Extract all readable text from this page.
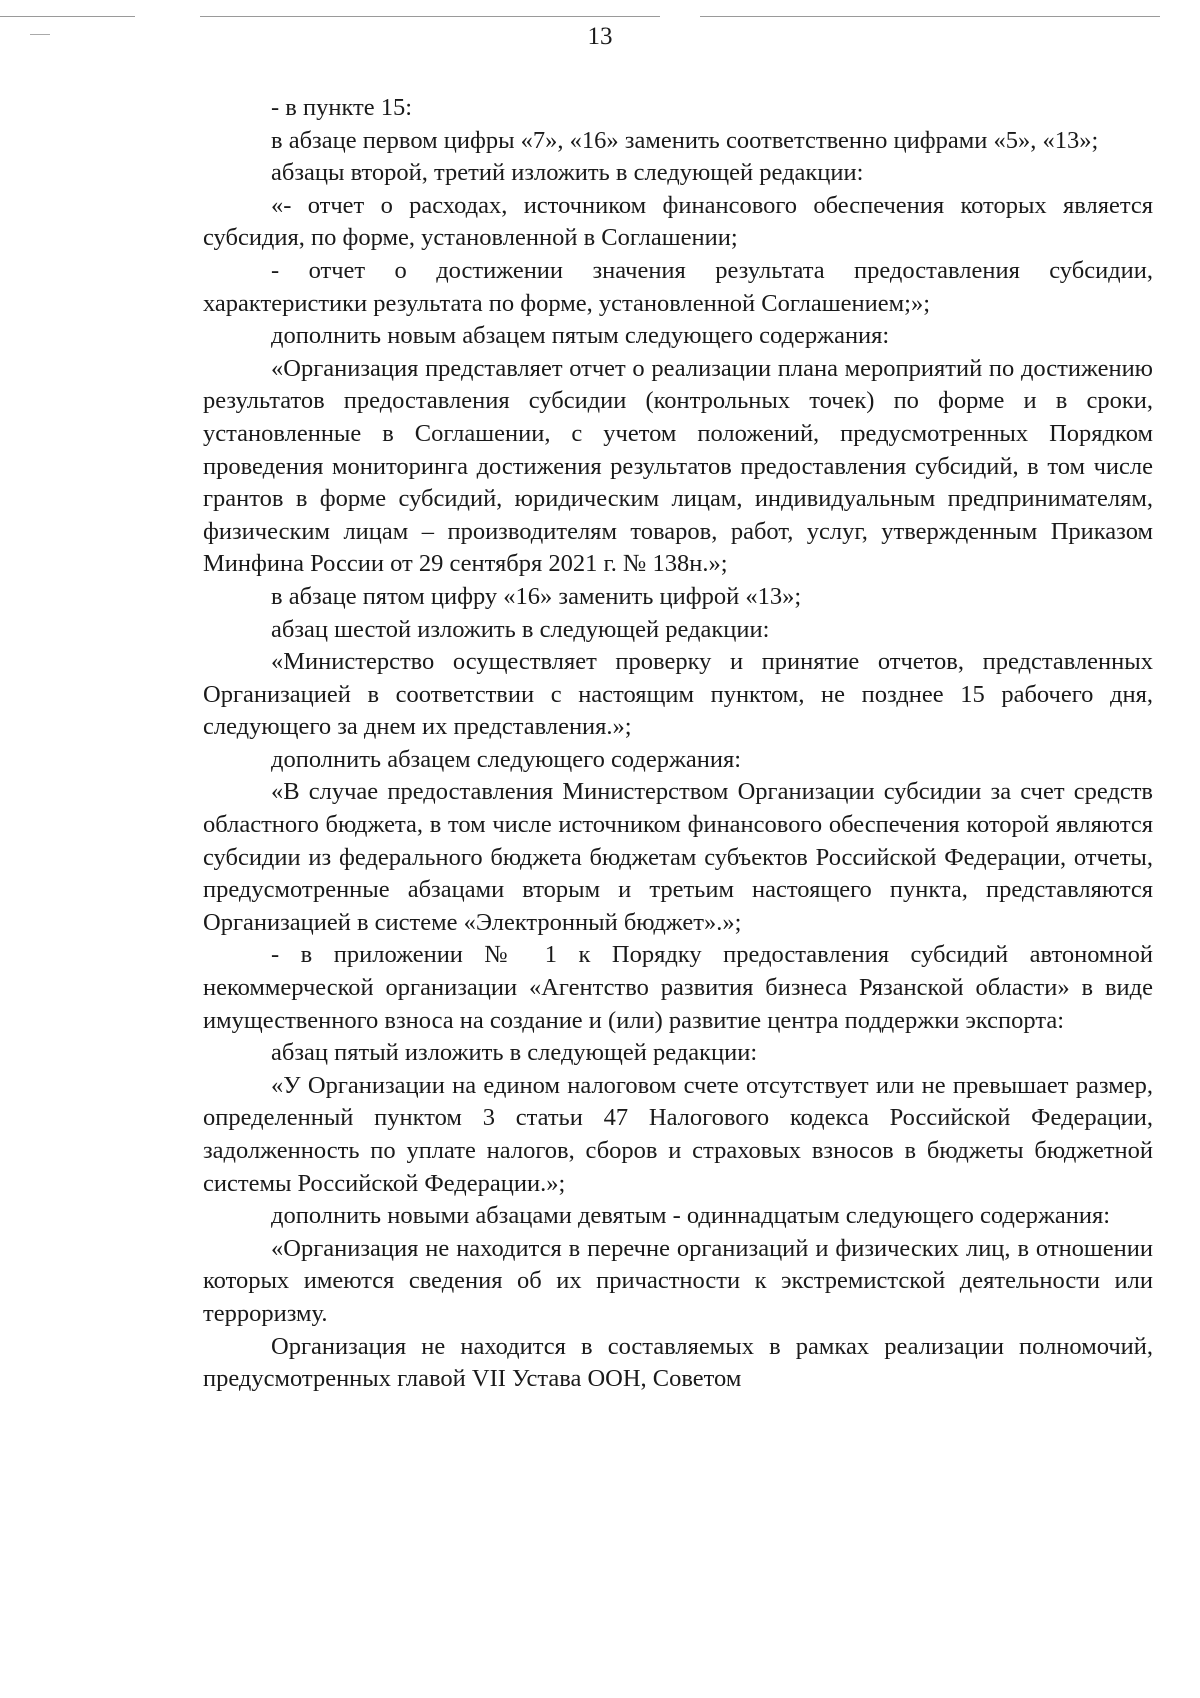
13

- в пункте 15:

в абзаце первом цифры «7», «16» заменить соответственно цифрами «5», «13»;

абзацы второй, третий изложить в следующей редакции:

«- отчет о расходах, источником финансового обеспечения которых является субсидия, по форме, установленной в Соглашении;

- отчет о достижении значения результата предоставления субсидии, характеристики результата по форме, установленной Соглашением;»;

дополнить новым абзацем пятым следующего содержания:

«Организация представляет отчет о реализации плана мероприятий по достижению результатов предоставления субсидии (контрольных точек) по форме и в сроки, установленные в Соглашении, с учетом положений, предусмотренных Порядком проведения мониторинга достижения результатов предоставления субсидий, в том числе грантов в форме субсидий, юридическим лицам, индивидуальным предпринимателям, физическим лицам – производителям товаров, работ, услуг, утвержденным Приказом Минфина России от 29 сентября 2021 г. № 138н.»;

в абзаце пятом цифру «16» заменить цифрой «13»;

абзац шестой изложить в следующей редакции:

«Министерство осуществляет проверку и принятие отчетов, представленных Организацией в соответствии с настоящим пунктом, не позднее 15 рабочего дня, следующего за днем их представления.»;

дополнить абзацем следующего содержания:

«В случае предоставления Министерством Организации субсидии за счет средств областного бюджета, в том числе источником финансового обеспечения которой являются субсидии из федерального бюджета бюджетам субъектов Российской Федерации, отчеты, предусмотренные абзацами вторым и третьим настоящего пункта, представляются Организацией в системе «Электронный бюджет».»;

- в приложении № 1 к Порядку предоставления субсидий автономной некоммерческой организации «Агентство развития бизнеса Рязанской области» в виде имущественного взноса на создание и (или) развитие центра поддержки экспорта:

абзац пятый изложить в следующей редакции:

«У Организации на едином налоговом счете отсутствует или не превышает размер, определенный пунктом 3 статьи 47 Налогового кодекса Российской Федерации, задолженность по уплате налогов, сборов и страховых взносов в бюджеты бюджетной системы Российской Федерации.»;

дополнить новыми абзацами девятым - одиннадцатым следующего содержания:

«Организация не находится в перечне организаций и физических лиц, в отношении которых имеются сведения об их причастности к экстремистской деятельности или терроризму.

Организация не находится в составляемых в рамках реализации полномочий, предусмотренных главой VII Устава ООН, Советом
